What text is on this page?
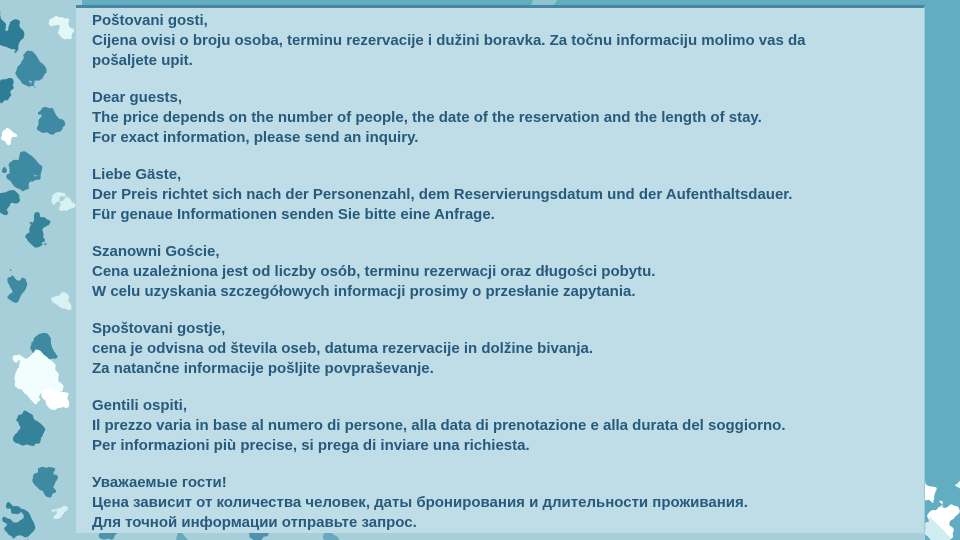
Poštovani gosti,
Cijena ovisi o broju osoba, terminu rezervacije i dužini boravka. Za točnu informaciju molimo vas da
pošaljete upit.

Dear guests,
The price depends on the number of people, the date of the reservation and the length of stay.
For exact information, please send an inquiry.

Liebe Gäste,
Der Preis richtet sich nach der Personenzahl, dem Reservierungsdatum und der Aufenthaltsdauer.
Für genaue Informationen senden Sie bitte eine Anfrage.

Szanowni Goście,
Cena uzależniona jest od liczby osób, terminu rezerwacji oraz długości pobytu.
W celu uzyskania szczegółowych informacji prosimy o przesłanie zapytania.

Spoštovani gostje,
cena je odvisna od števila oseb, datuma rezervacije in dolžine bivanja.
Za natančne informacije pošljite povpraševanje.

Gentili ospiti,
Il prezzo varia in base al numero di persone, alla data di prenotazione e alla durata del soggiorno.
Per informazioni più precise, si prega di inviare una richiesta.

Уважаемые гости!
Цена зависит от количества человек, даты бронирования и длительности проживания.
Для точной информации отправьте запрос.
